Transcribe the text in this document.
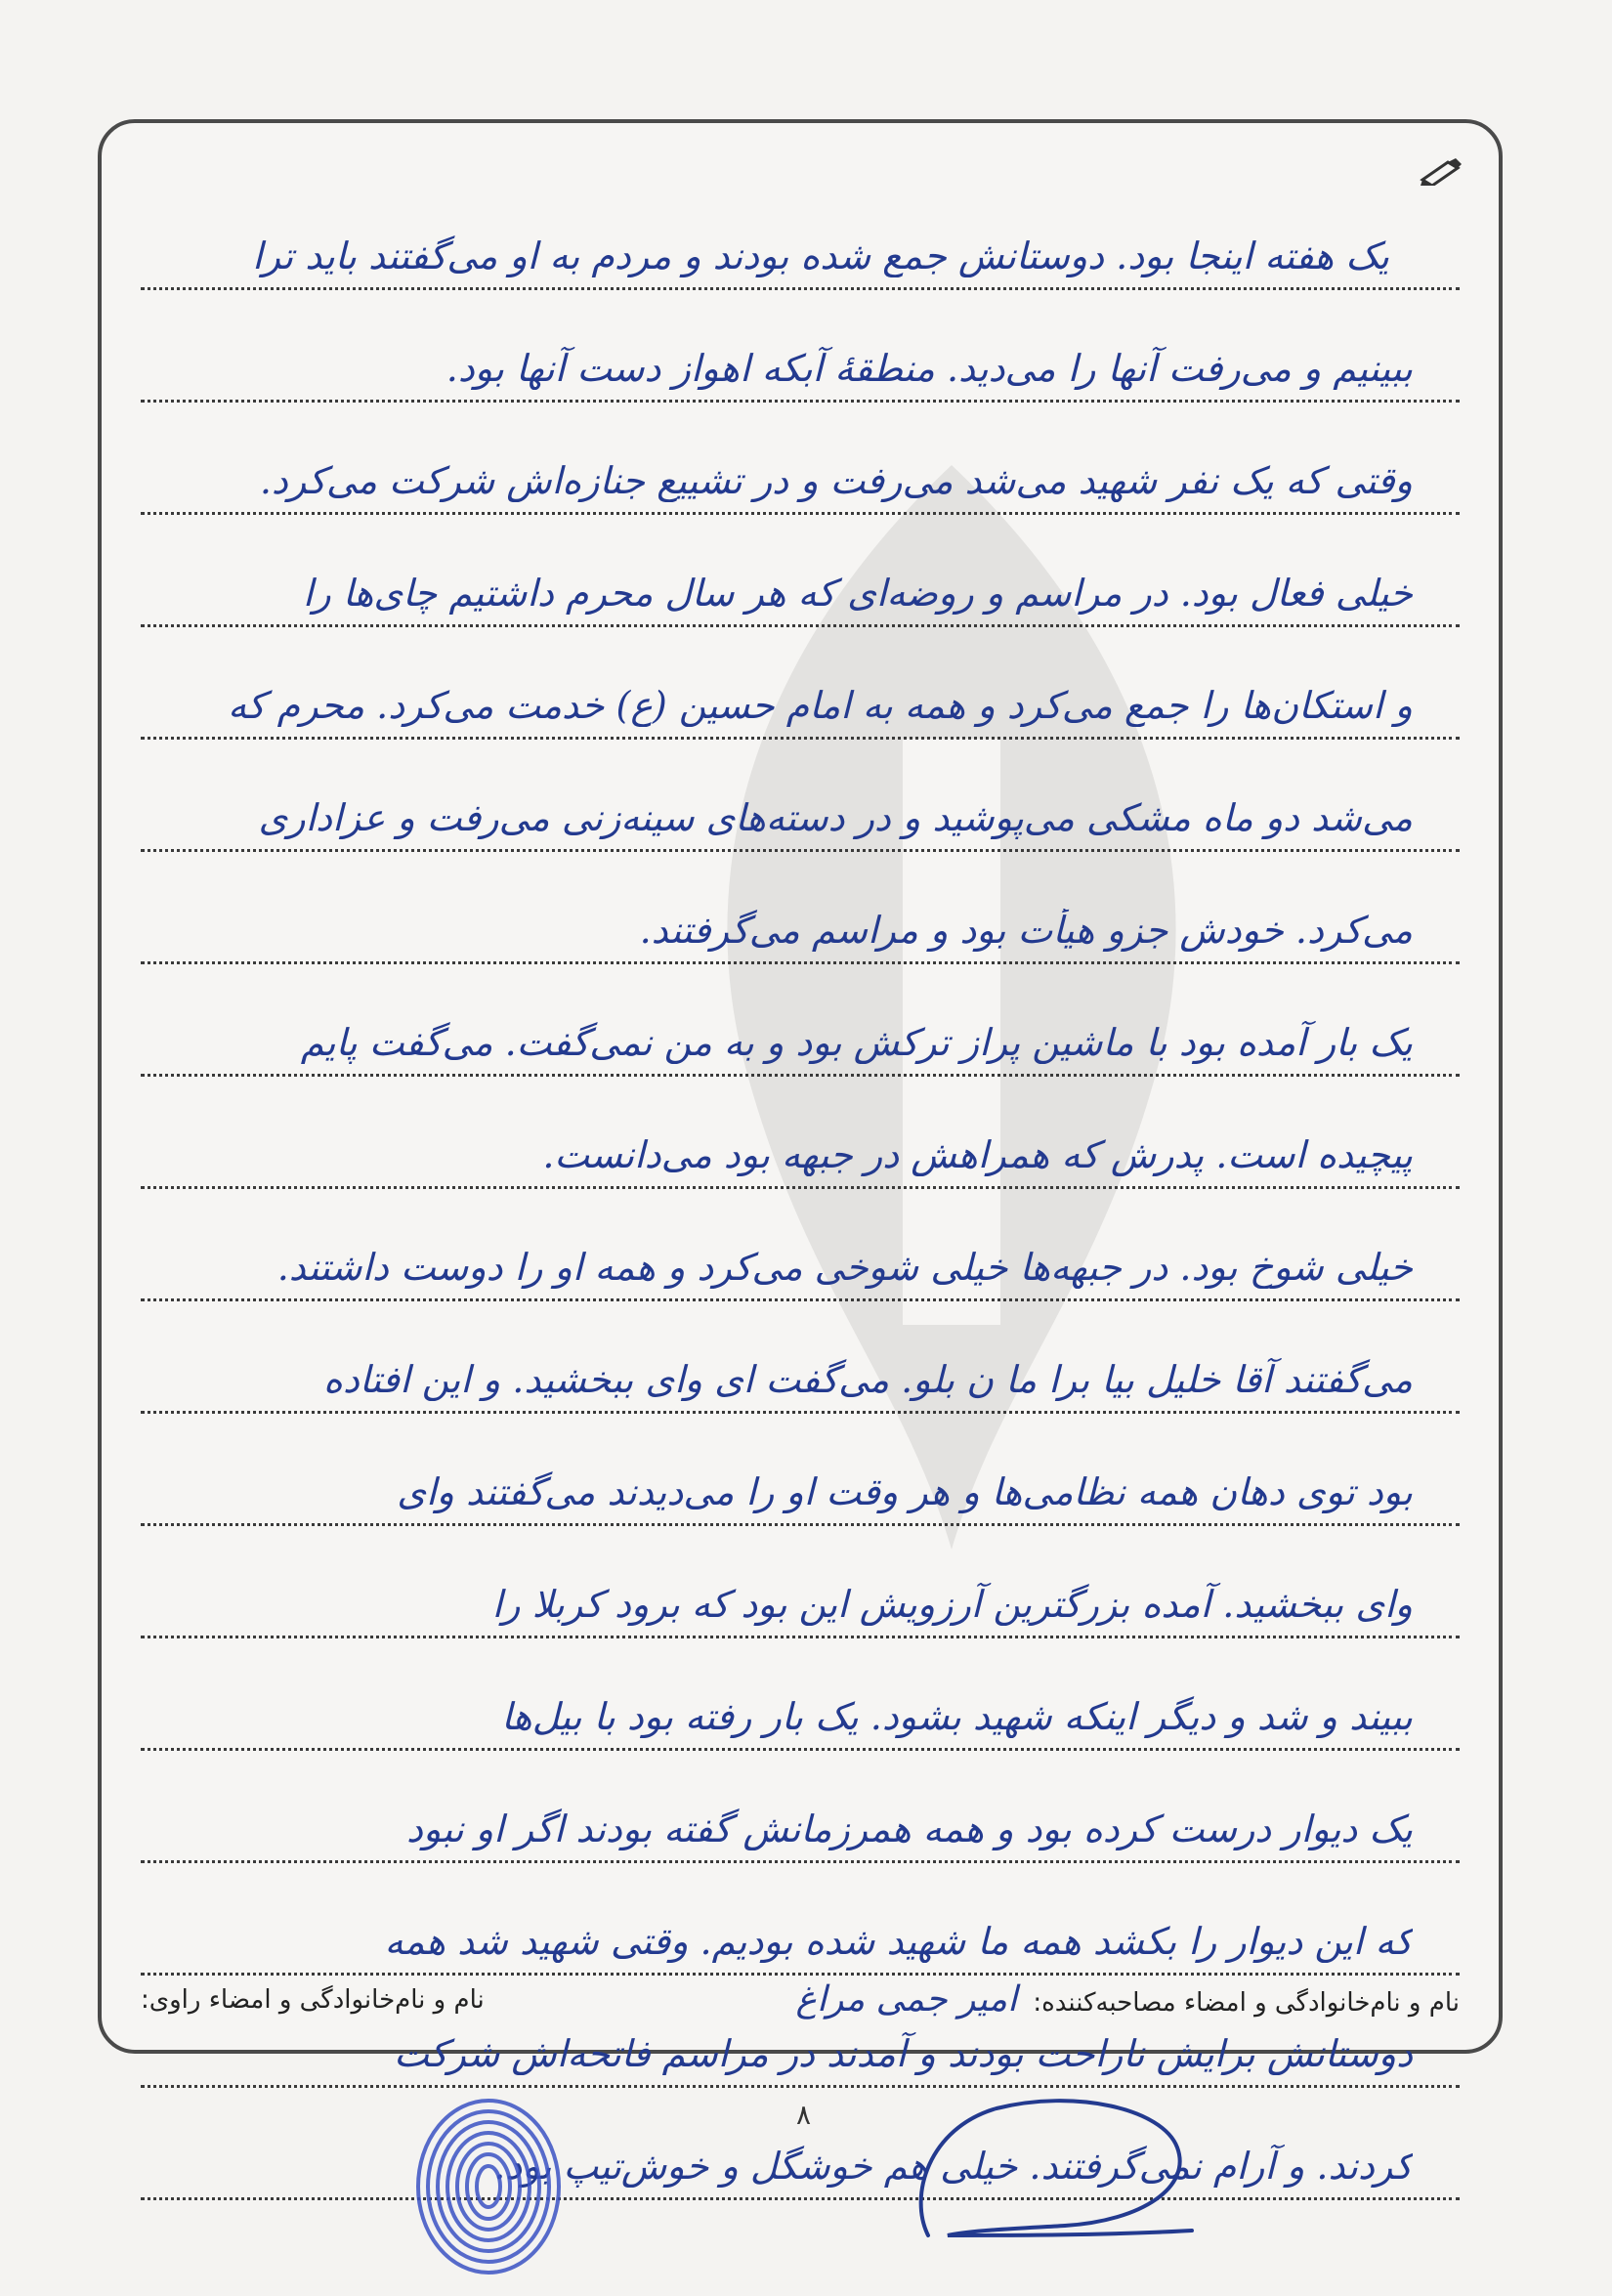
یک هفته اینجا بود. دوستانش جمع شده بودند و مردم به او می‌گفتند باید ترا
ببینیم و می‌رفت آنها را می‌دید. منطقهٔ آبکه اهواز دست آنها بود.
وقتی که یک نفر شهید می‌شد می‌رفت و در تشییع جنازه‌اش شرکت می‌کرد.
خیلی فعال بود. در مراسم و روضه‌ای که هر سال محرم داشتیم چای‌ها را
و استکان‌ها را جمع می‌کرد و همه به امام حسین (ع) خدمت می‌کرد. محرم که
می‌شد دو ماه مشکی می‌پوشید و در دسته‌های سینه‌زنی می‌رفت و عزاداری
می‌کرد. خودش جزو هیأت بود و مراسم می‌گرفتند.
یک بار آمده بود با ماشین پراز ترکش بود و به من نمی‌گفت. می‌گفت پایم
پیچیده است. پدرش که همراهش در جبهه بود می‌دانست.
خیلی شوخ بود. در جبهه‌ها خیلی شوخی می‌کرد و همه او را دوست داشتند.
می‌گفتند آقا خلیل بیا برا ما ن بلو. می‌گفت ای وای ببخشید. و این افتاده
بود توی دهان همه نظامی‌ها و هر وقت او را می‌دیدند می‌گفتند وای
وای ببخشید. آمده بزرگترین آرزویش این بود که برود کربلا را
ببیند و شد و دیگر اینکه شهید بشود. یک بار رفته بود با بیل‌ها
یک دیوار درست کرده بود و همه همرزمانش گفته بودند اگر او نبود
که این دیوار را بکشد همه ما شهید شده بودیم. وقتی شهید شد همه
دوستانش برایش ناراحت بودند و آمدند در مراسم فاتحه‌اش شرکت
کردند. و آرام نمی‌گرفتند. خیلی هم خوشگل و خوش‌تیپ بود.
نام و نام‌خانوادگی و امضاء مصاحبه‌کننده: امیر جمی مراغ
نام و نام‌خانوادگی و امضاء راوی:
۸
